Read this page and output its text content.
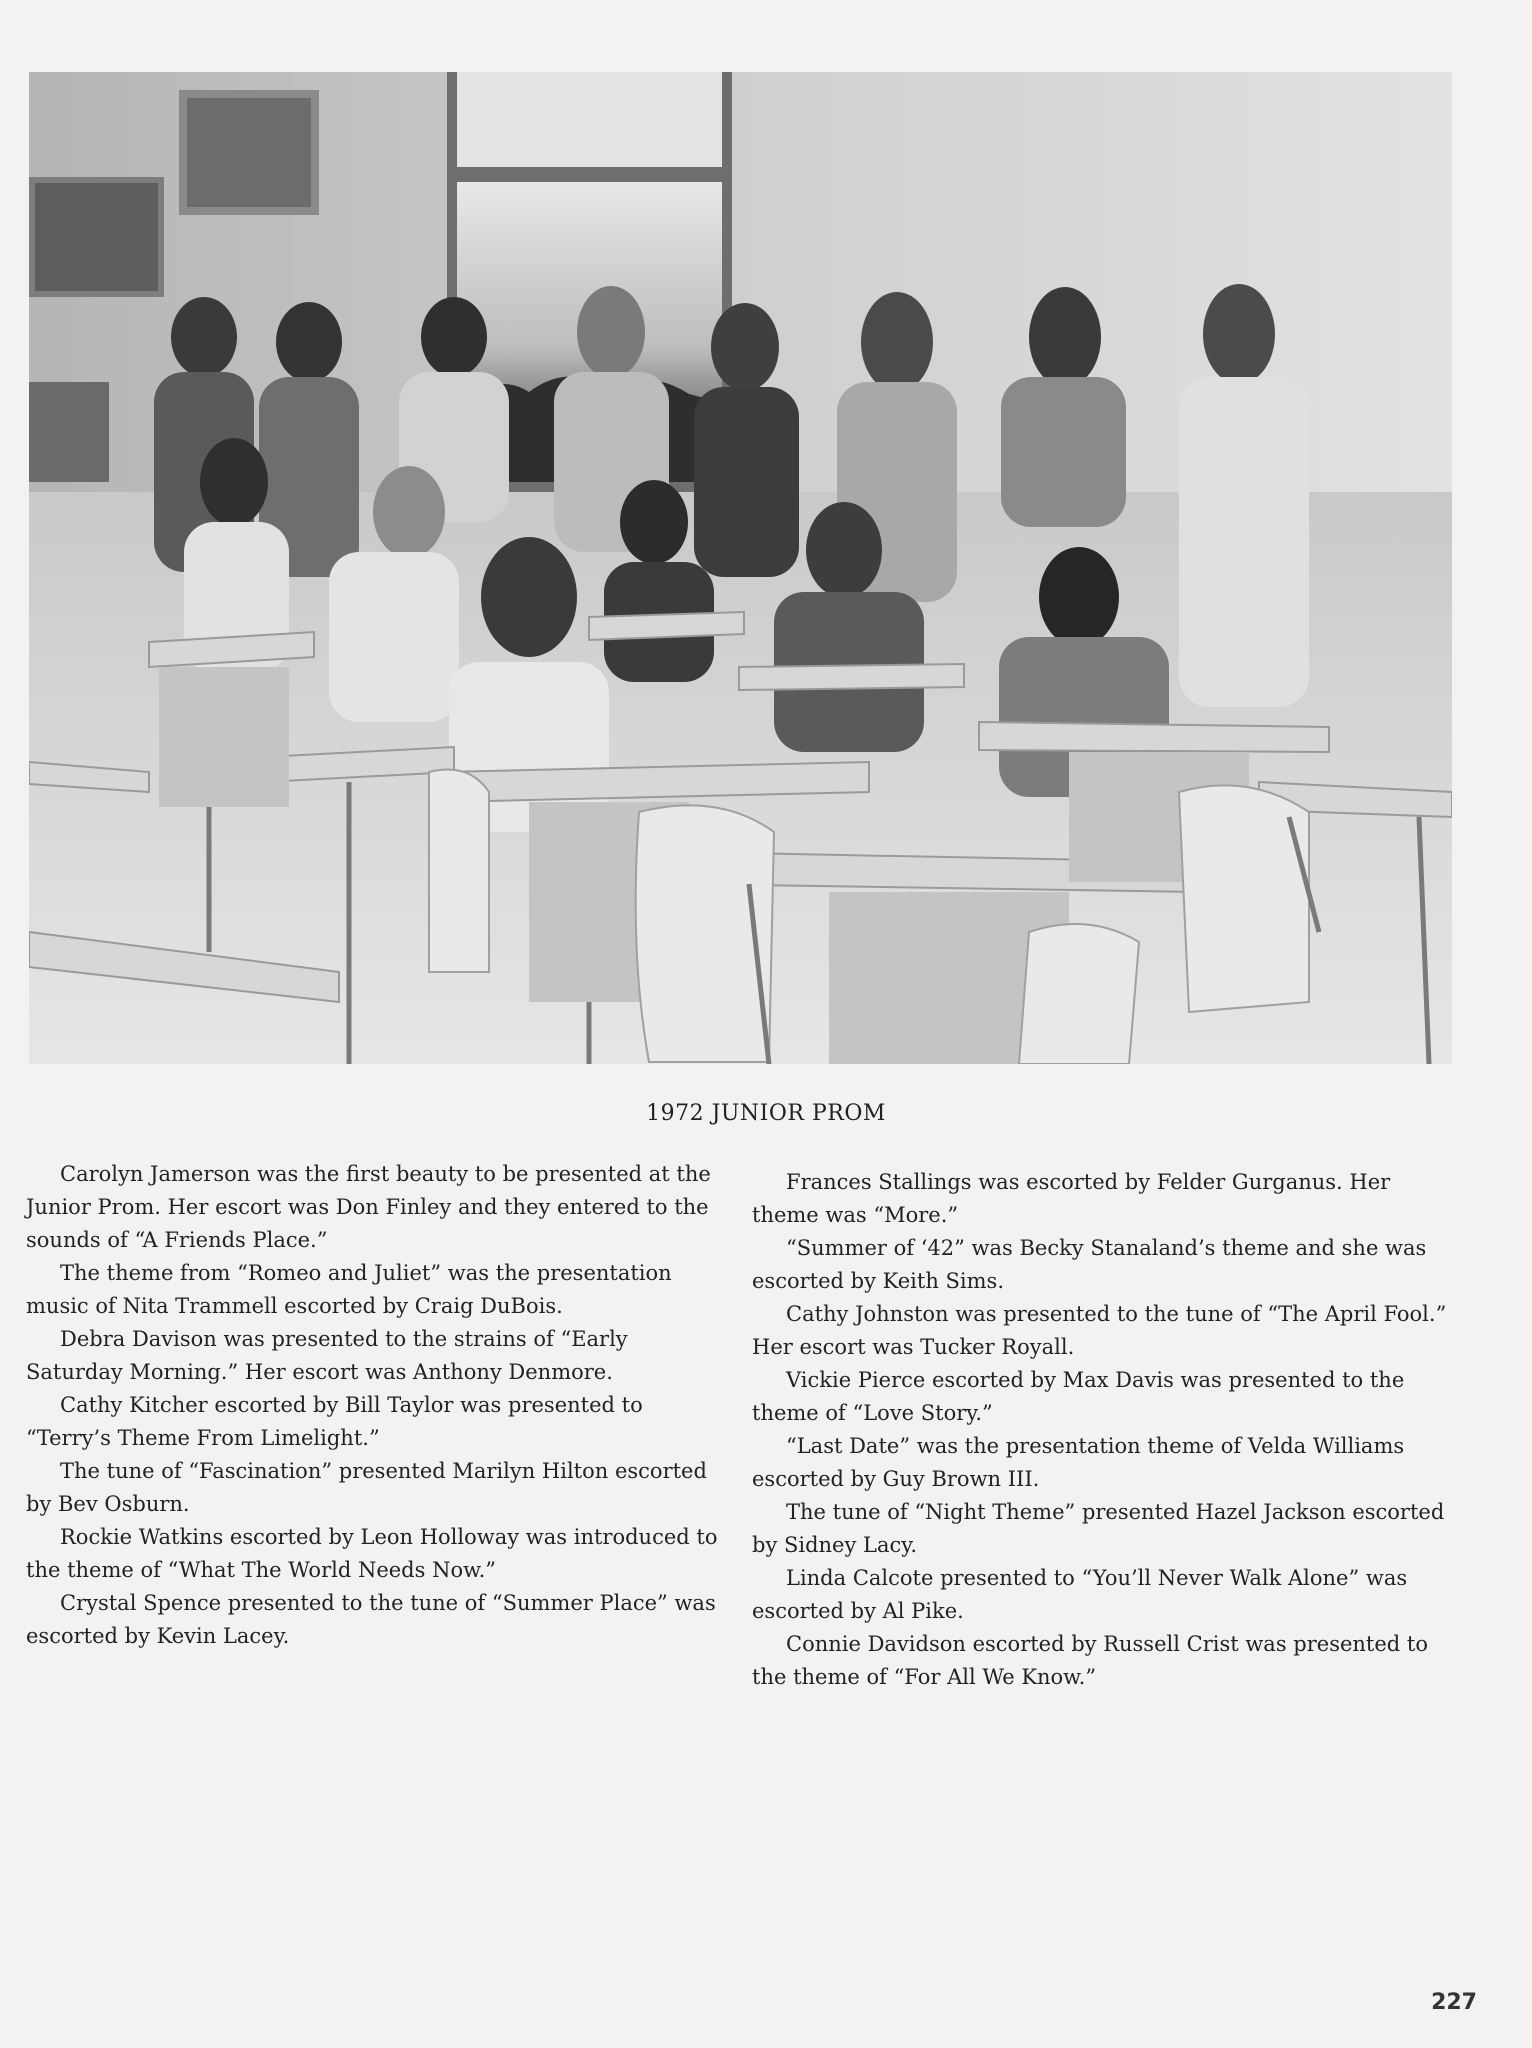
1972 JUNIOR PROM

Carolyn Jamerson was the first beauty to be presented at the Junior Prom. Her escort was Don Finley and they entered to the sounds of “A Friends Place.”

The theme from “Romeo and Juliet” was the presentation music of Nita Trammell escorted by Craig DuBois.

Debra Davison was presented to the strains of “Early Saturday Morning.” Her escort was Anthony Denmore.

Cathy Kitcher escorted by Bill Taylor was presented to “Terry’s Theme From Limelight.”

The tune of “Fascination” presented Marilyn Hilton escorted by Bev Osburn.

Rockie Watkins escorted by Leon Holloway was introduced to the theme of “What The World Needs Now.”

Crystal Spence presented to the tune of “Summer Place” was escorted by Kevin Lacey.

Frances Stallings was escorted by Felder Gurganus. Her theme was “More.”

“Summer of ‘42” was Becky Stanaland’s theme and she was escorted by Keith Sims.

Cathy Johnston was presented to the tune of “The April Fool.” Her escort was Tucker Royall.

Vickie Pierce escorted by Max Davis was presented to the theme of “Love Story.”

“Last Date” was the presentation theme of Velda Williams escorted by Guy Brown III.

The tune of “Night Theme” presented Hazel Jackson escorted by Sidney Lacy.

Linda Calcote presented to “You’ll Never Walk Alone” was escorted by Al Pike.

Connie Davidson escorted by Russell Crist was presented to the theme of “For All We Know.”

227
